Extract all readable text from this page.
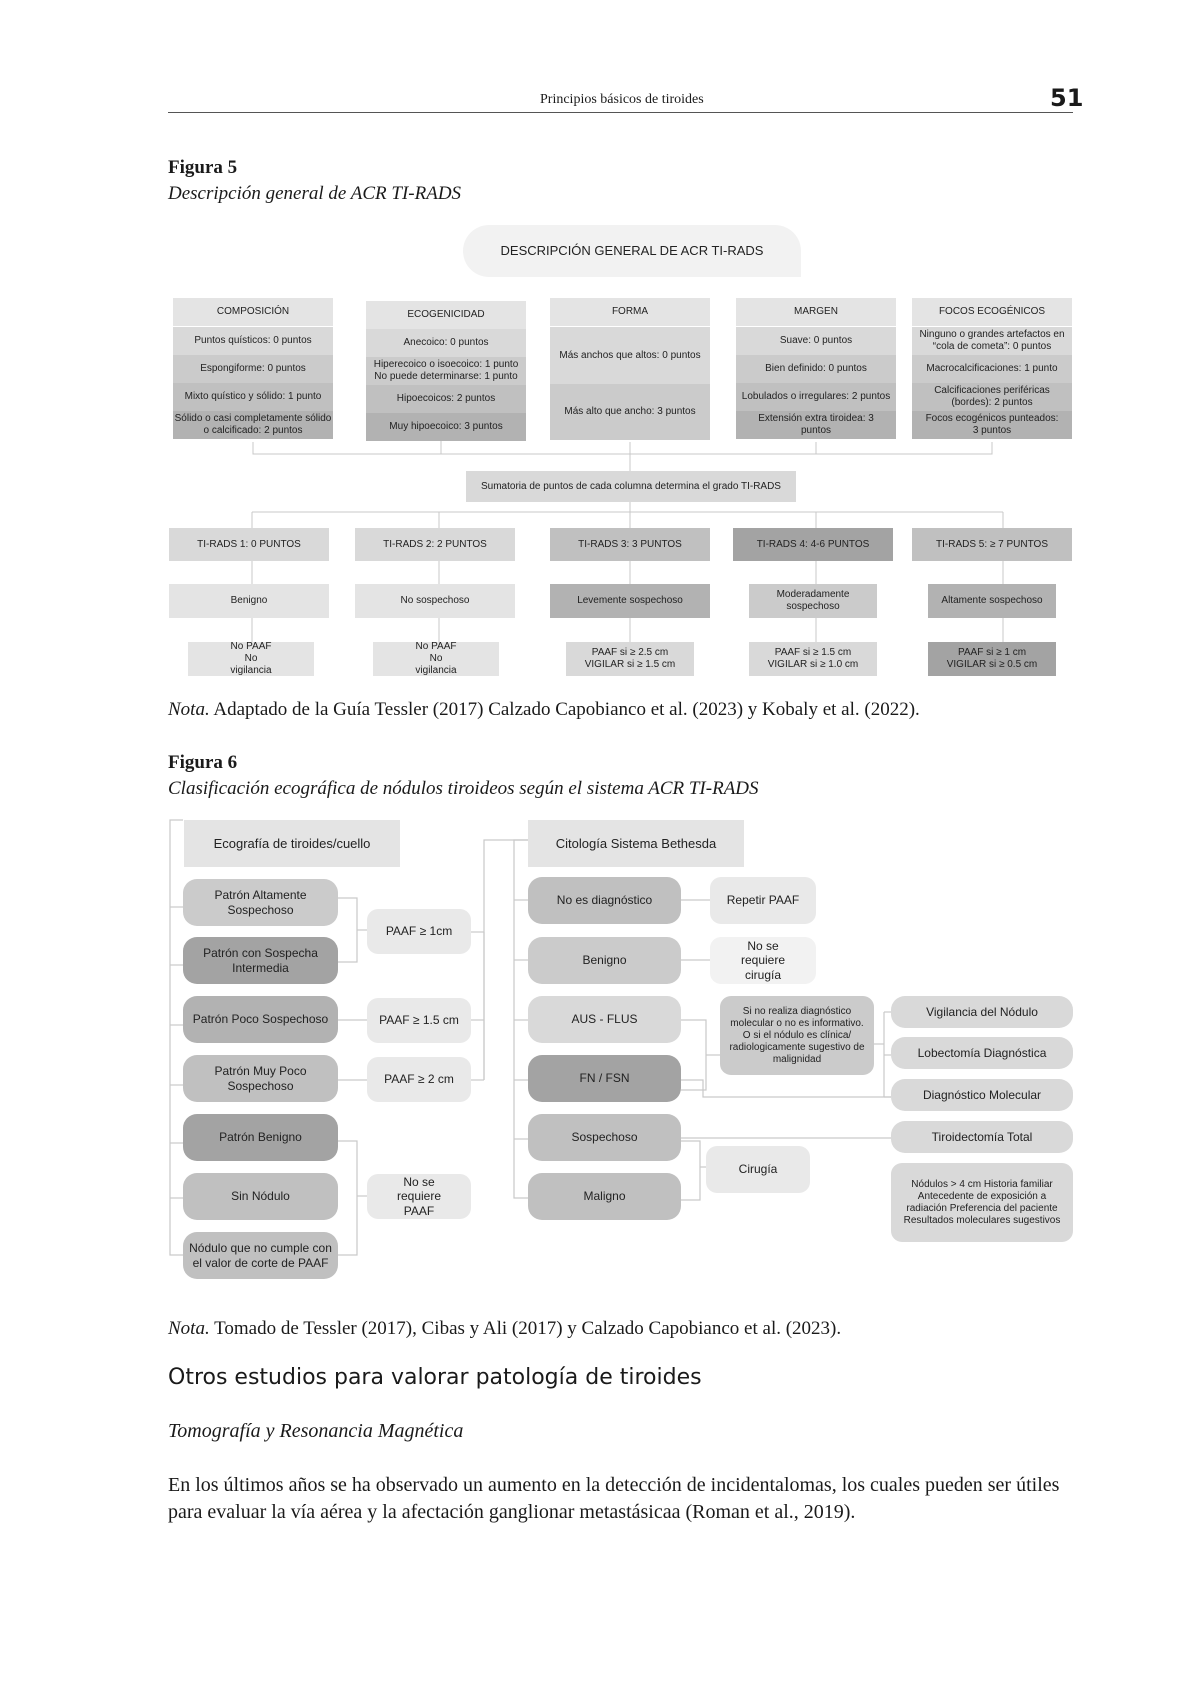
Principios básicos de tiroides	51
Figura 5
Descripción general de ACR TI-RADS
DESCRIPCIÓN GENERAL DE ACR TI-RADS
COMPOSICIÓN
Puntos quísticos: 0 puntos
Espongiforme: 0 puntos
Mixto quístico y sólido: 1 punto
Sólido o casi completamente sólido o calcificado: 2 puntos
ECOGENICIDAD
Anecoico: 0 puntos
Hiperecoico o isoecoico: 1 punto No puede determinarse: 1 punto
Hipoecoicos: 2 puntos
Muy hipoecoico: 3 puntos
FORMA
Más anchos que altos: 0 puntos
Más alto que ancho: 3 puntos
MARGEN
Suave: 0 puntos
Bien definido: 0 puntos
Lobulados o irregulares: 2 puntos
Extensión extra tiroidea: 3 puntos
FOCOS ECOGÉNICOS
Ninguno o grandes artefactos en “cola de cometa”: 0 puntos
Macrocalcificaciones: 1 punto
Calcificaciones periféricas (bordes): 2 puntos
Focos ecogénicos punteados: 3 puntos
Sumatoria de puntos de cada columna determina el grado TI-RADS
TI-RADS 1: 0 PUNTOS	TI-RADS 2: 2 PUNTOS	TI-RADS 3: 3 PUNTOS	TI-RADS 4: 4-6 PUNTOS	TI-RADS 5: ≥ 7 PUNTOS
Benigno	No sospechoso	Levemente sospechoso
Moderadamente sospechoso
Altamente sospechoso
No PAAF No vigilancia
No PAAF No vigilancia
PAAF si ≥ 2.5 cm VIGILAR si ≥ 1.5 cm
PAAF si ≥ 1.5 cm VIGILAR si ≥ 1.0 cm
PAAF si ≥ 1 cm VIGILAR si ≥ 0.5 cm
Nota. Adaptado de la Guía Tessler (2017) Calzado Capobianco et al. (2023) y Kobaly et al. (2022).
Figura 6
Clasificación ecográfica de nódulos tiroideos según el sistema ACR TI-RADS
Ecografía de tiroides/cuello
Patrón Altamente Sospechoso
Patrón con Sospecha Intermedia
Patrón Poco Sospechoso
Patrón Muy Poco Sospechoso
Patrón Benigno
Sin Nódulo
Nódulo que no cumple con el valor de corte de PAAF
PAAF ≥ 1cm
PAAF ≥ 1.5 cm
PAAF ≥ 2 cm
No se requiere PAAF
Citología Sistema Bethesda
No es diagnóstico
Benigno
AUS - FLUS
FN / FSN
Sospechoso
Maligno
Repetir PAAF
No se requiere cirugía
Si no realiza diagnóstico molecular o no es informativo. O si el nódulo es clínica/ radiologicamente sugestivo de malignidad
Cirugía
Vigilancia del Nódulo
Lobectomía Diagnóstica
Diagnóstico Molecular
Tiroidectomía Total
Nódulos > 4 cm Historia familiar Antecedente de exposición a radiación Preferencia del paciente Resultados moleculares sugestivos
Nota. Tomado de Tessler (2017), Cibas y Ali (2017) y Calzado Capobianco et al. (2023).
Otros estudios para valorar patología de tiroides
Tomografía y Resonancia Magnética
En los últimos años se ha observado un aumento en la detección de incidentalomas, los cuales pueden ser útiles para evaluar la vía aérea y la afectación ganglionar metastásicaa (Roman et al., 2019).
